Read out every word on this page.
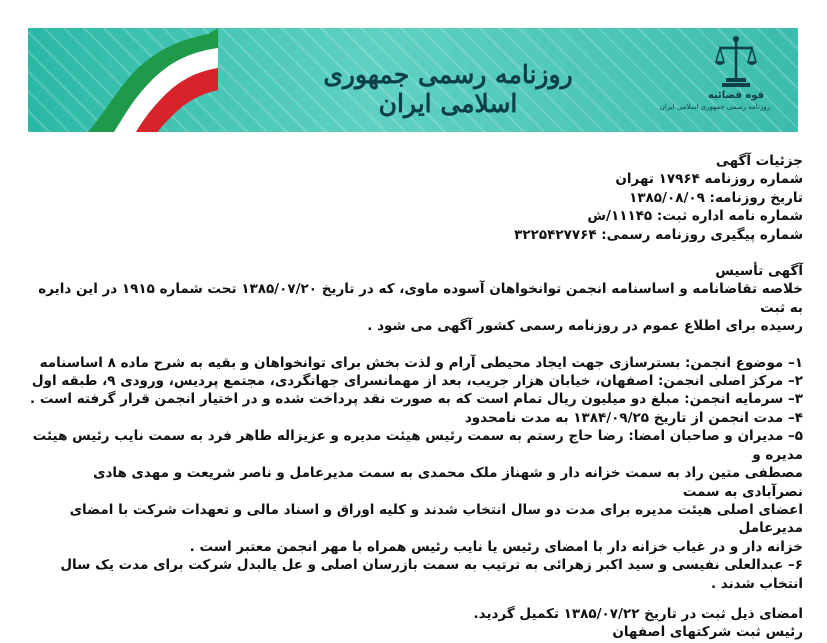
روزنامه رسمی جمهوری اسلامی ایران	قوه قضائیه
روزنامه رسمی جمهوری اسلامی ایران

جزئیات آگهی

شماره روزنامه ۱۷۹۶۴ تهران

تاریخ روزنامه: ۱۳۸۵/۰۸/۰۹

شماره نامه اداره ثبت: ۱۱۱۴۵/ش

شماره پیگیری روزنامه رسمی: ۳۲۲۵۴۲۷۷۶۴

آگهی تأسیس

خلاصه تقاضانامه و اساسنامه انجمن توانخواهان آسوده ماوی، که در تاریخ ۱۳۸۵/۰۷/۲۰ تحت شماره ۱۹۱۵ در این دایره به ثبت

رسیده برای اطلاع عموم در روزنامه رسمی کشور آگهی می شود .

۱– موضوع انجمن: بسترسازی جهت ایجاد محیطی آرام و لذت بخش برای توانخواهان و بقیه به شرح ماده ۸ اساسنامه

۲– مرکز اصلی انجمن: اصفهان، خیابان هزار جریب، بعد از مهمانسرای جهانگردی، مجتمع پردیس، ورودی ۹، طبقه اول

۳– سرمایه انجمن: مبلغ دو میلیون ریال تمام است که به صورت نقد پرداخت شده و در اختیار انجمن قرار گرفته است .

۴– مدت انجمن از تاریخ ۱۳۸۴/۰۹/۲۵ به مدت نامحدود

۵– مدیران و صاحبان امضا: رضا حاج رستم به سمت رئیس هیئت مدیره و عزیزاله طاهر فرد به سمت نایب رئیس هیئت مدیره و

مصطفی متین راد به سمت خزانه دار و شهناز ملک محمدی به سمت مدیرعامل و ناصر شریعت و مهدی هادی نصرآبادی به سمت

اعضای اصلی هیئت مدیره برای مدت دو سال انتخاب شدند و کلیه اوراق و اسناد مالی و تعهدات شرکت با امضای مدیرعامل

خزانه دار و در غیاب خزانه دار با امضای رئیس یا نایب رئیس همراه با مهر انجمن معتبر است .

۶– عبدالعلی نفیسی و سید اکبر زهرائی به ترتیب به سمت بازرسان اصلی و عل یالبدل شرکت برای مدت یک سال انتخاب شدند .

امضای ذیل ثبت در تاریخ ۱۳۸۵/۰۷/۲۲ تکمیل گردید.

رئیس ثبت شرکتهای اصفهان
